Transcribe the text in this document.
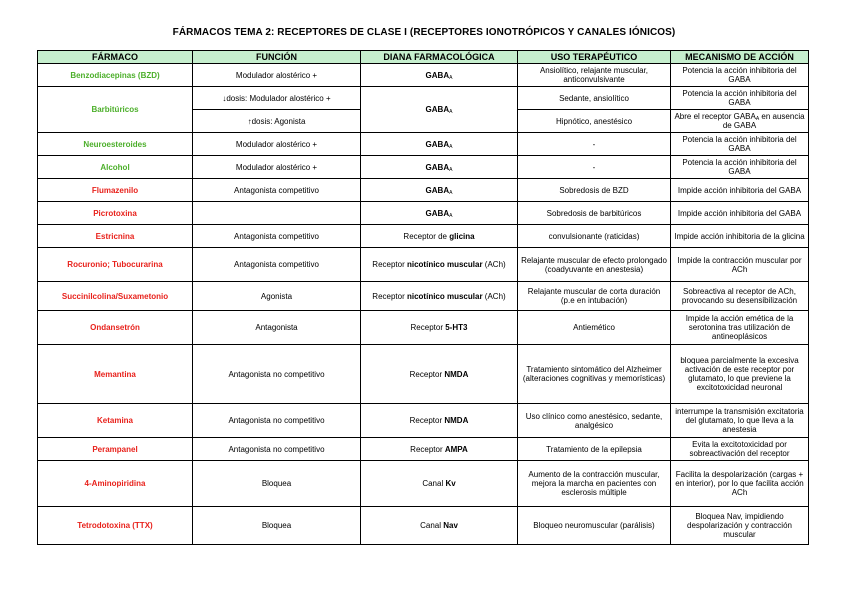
FÁRMACOS TEMA 2: RECEPTORES DE CLASE I (RECEPTORES IONOTRÓPICOS Y CANALES IÓNICOS)
FÁRMACO	FUNCIÓN	DIANA FARMACOLÓGICA	USO TERAPÉUTICO	MECANISMO DE ACCIÓN
Benzodiacepinas (BZD)	Modulador alostérico +	$GABA_A$	Ansiolítico, relajante muscular, anticonvulsivante	Potencia la acción inhibitoria del GABA
Barbitúricos	↓dosis: Modulador alostérico +	$GABA_A$	Sedante, ansiolítico	Potencia la acción inhibitoria del GABA
	↑dosis: Agonista		Hipnótico, anestésico	Abre el receptor $GABA_A$ en ausencia de GABA
Neuroesteroides	Modulador alostérico +	$GABA_A$	-	Potencia la acción inhibitoria del GABA
Alcohol	Modulador alostérico +	$GABA_A$	-	Potencia la acción inhibitoria del GABA
Flumazenilo	Antagonista competitivo	$GABA_A$	Sobredosis de BZD	Impide acción inhibitoria del GABA
Picrotoxina		$GABA_A$	Sobredosis de barbitúricos	Impide acción inhibitoria del GABA
Estricnina	Antagonista competitivo	Receptor de glicina	convulsionante (raticidas)	Impide acción inhibitoria de la glicina
Rocuronio; Tubocurarina	Antagonista competitivo	Receptor nicotínico muscular (ACh)	Relajante muscular de efecto prolongado (coadyuvante en anestesia)	Impide la contracción muscular por ACh
Succinilcolina/Suxametonio	Agonista	Receptor nicotínico muscular (ACh)	Relajante muscular de corta duración (p.e en intubación)	Sobreactiva al receptor de ACh, provocando su desensibilización
Ondansetrón	Antagonista	Receptor 5-HT3	Antiemético	Impide la acción emética de la serotonina tras utilización de antineoplásicos
Memantina	Antagonista no competitivo	Receptor NMDA	Tratamiento sintomático del Alzheimer (alteraciones cognitivas y memorísticas)	bloquea parcialmente la excesiva activación de este receptor por glutamato, lo que previene la excitotoxicidad neuronal
Ketamina	Antagonista no competitivo	Receptor NMDA	Uso clínico como anestésico, sedante, analgésico	interrumpe la transmisión excitatoria del glutamato, lo que lleva a la anestesia
Perampanel	Antagonista no competitivo	Receptor AMPA	Tratamiento de la epilepsia	Evita la excitotoxicidad por sobreactivación del receptor
4-Aminopiridina	Bloquea	Canal Kv	Aumento de la contracción muscular, mejora la marcha en pacientes con esclerosis múltiple	Facilita la despolarización (cargas + en interior), por lo que facilita acción ACh
Tetrodotoxina (TTX)	Bloquea	Canal Nav	Bloqueo neuromuscular (parálisis)	Bloquea Nav, impidiendo despolarización y contracción muscular
